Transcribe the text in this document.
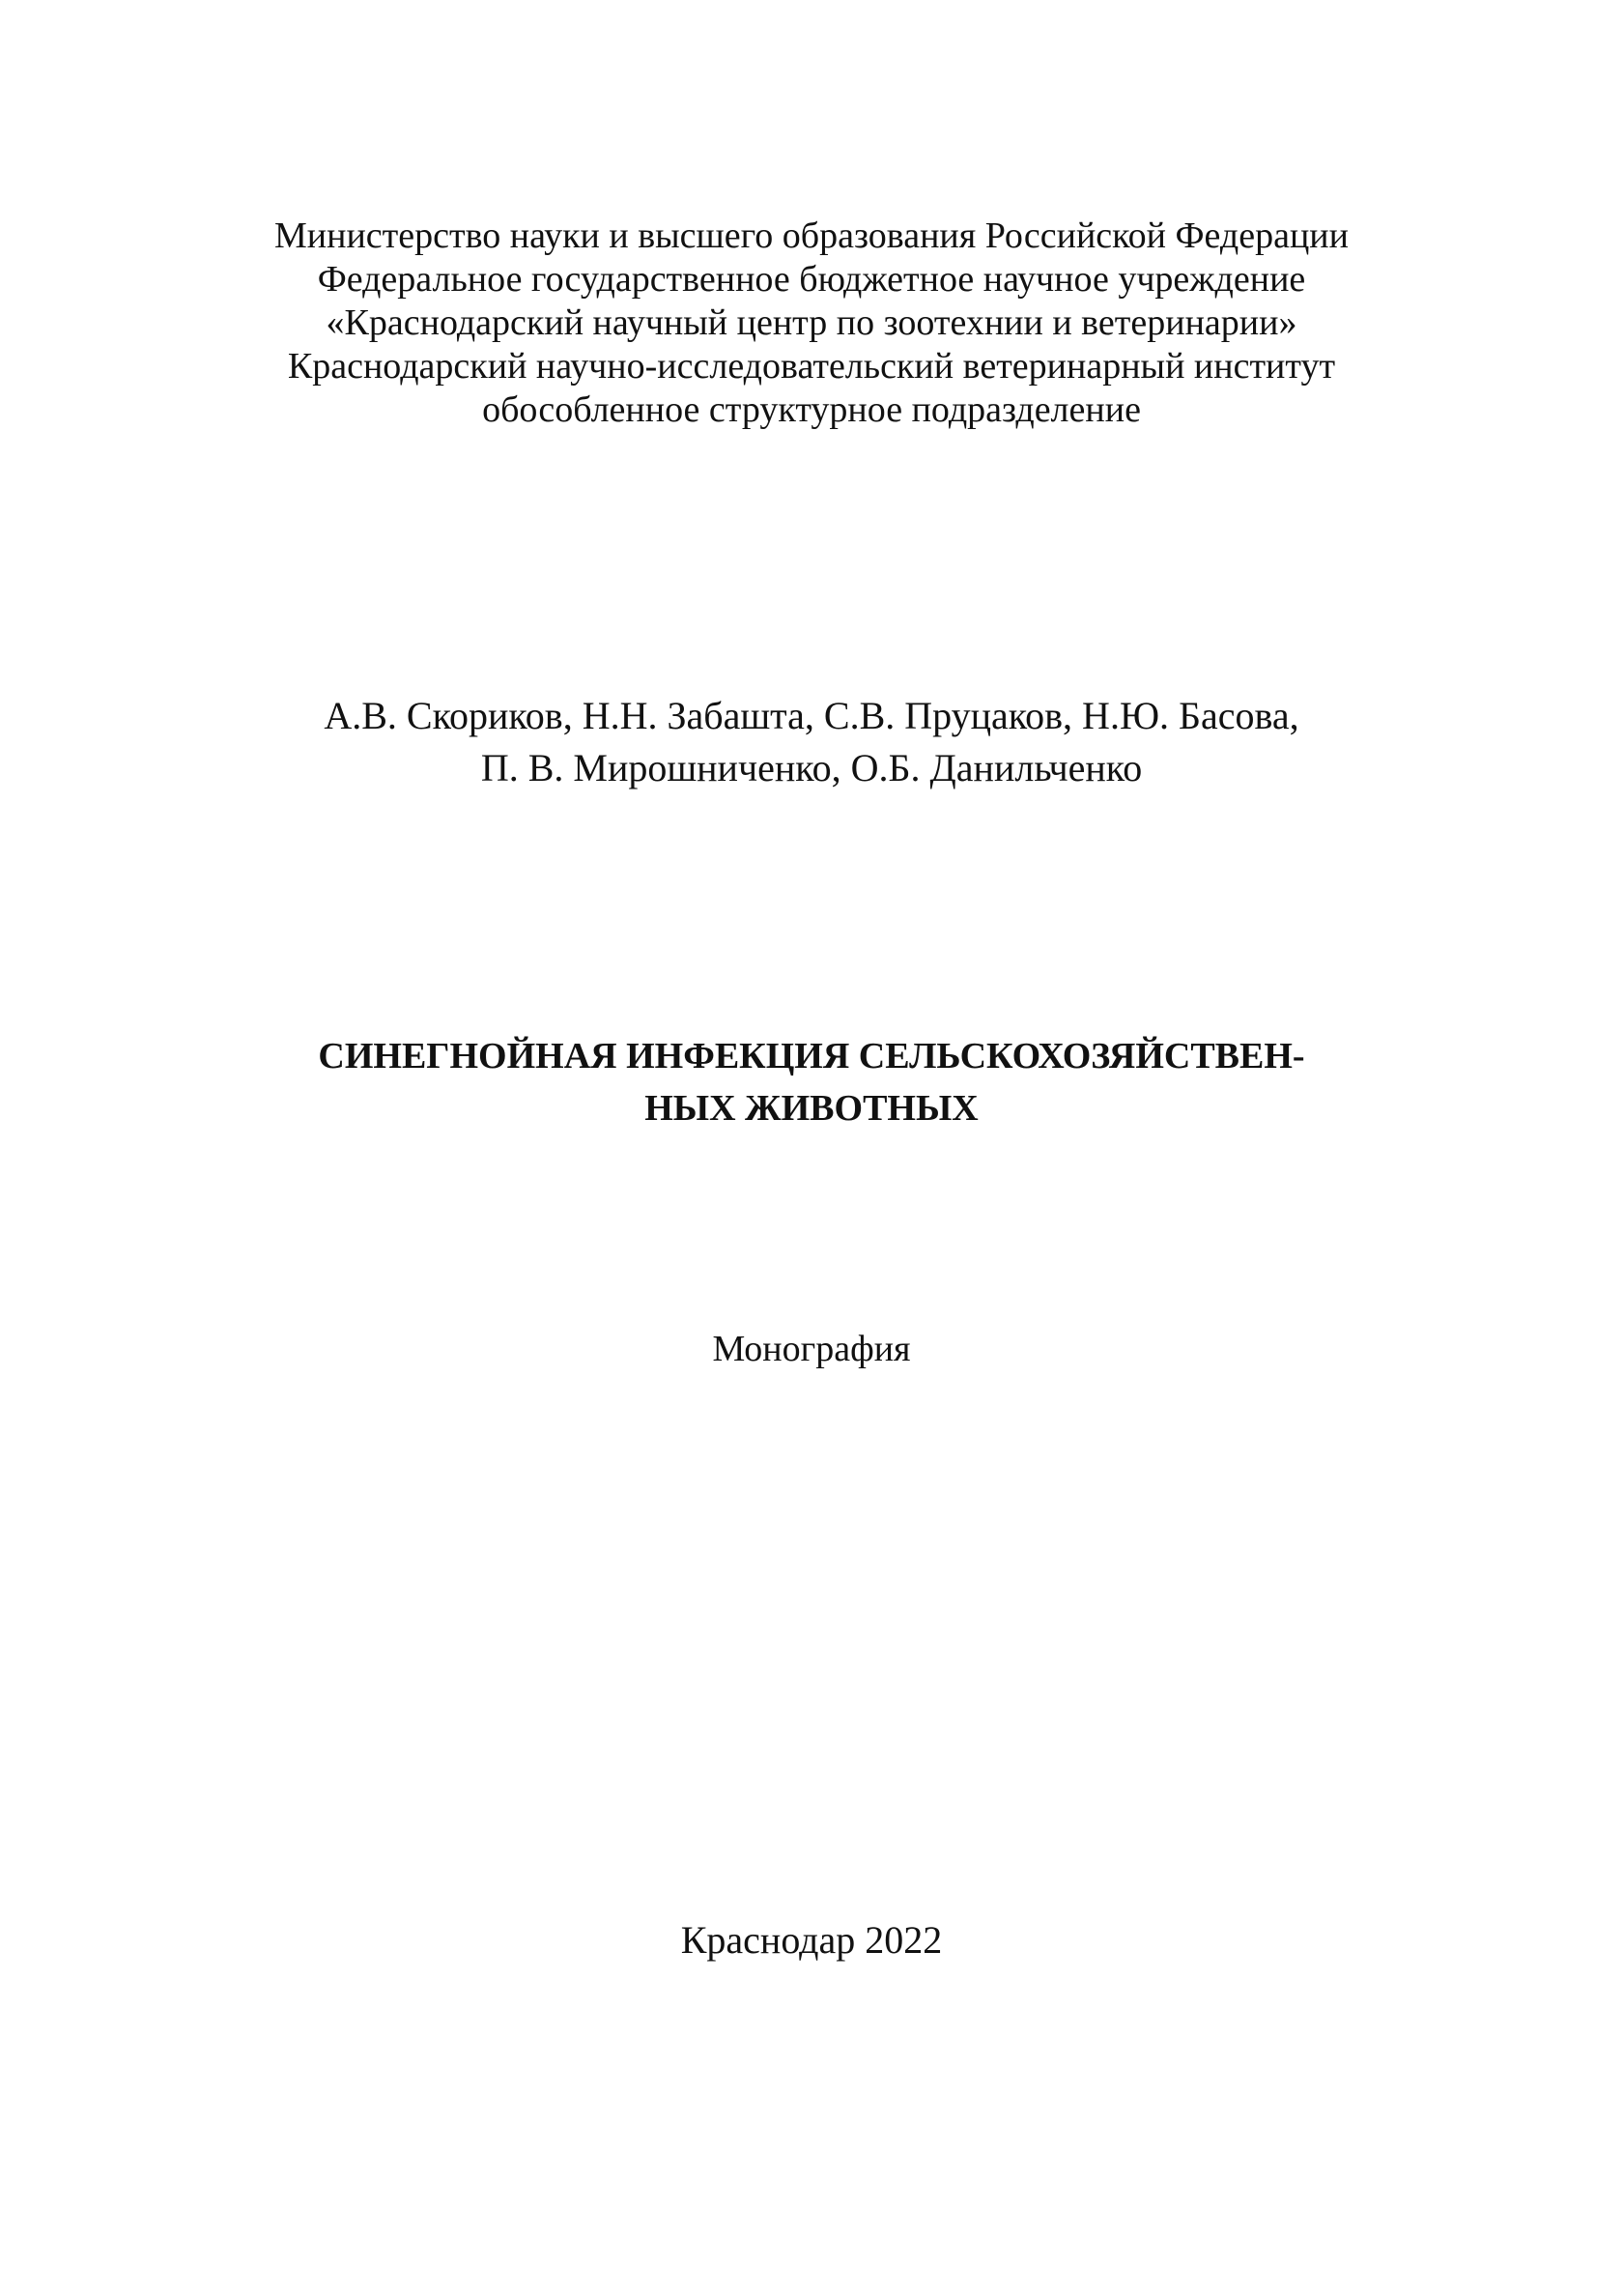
Министерство науки и высшего образования Российской Федерации
Федеральное государственное бюджетное научное учреждение
«Краснодарский научный центр по зоотехнии и ветеринарии»
Краснодарский научно-исследовательский ветеринарный институт
обособленное структурное подразделение
А.В. Скориков, Н.Н. Забашта, С.В. Пруцаков, Н.Ю. Басова,
П. В. Мирошниченко, О.Б. Данильченко
СИНЕГНОЙНАЯ ИНФЕКЦИЯ СЕЛЬСКОХОЗЯЙСТВЕН-
НЫХ ЖИВОТНЫХ
Монография
Краснодар 2022
